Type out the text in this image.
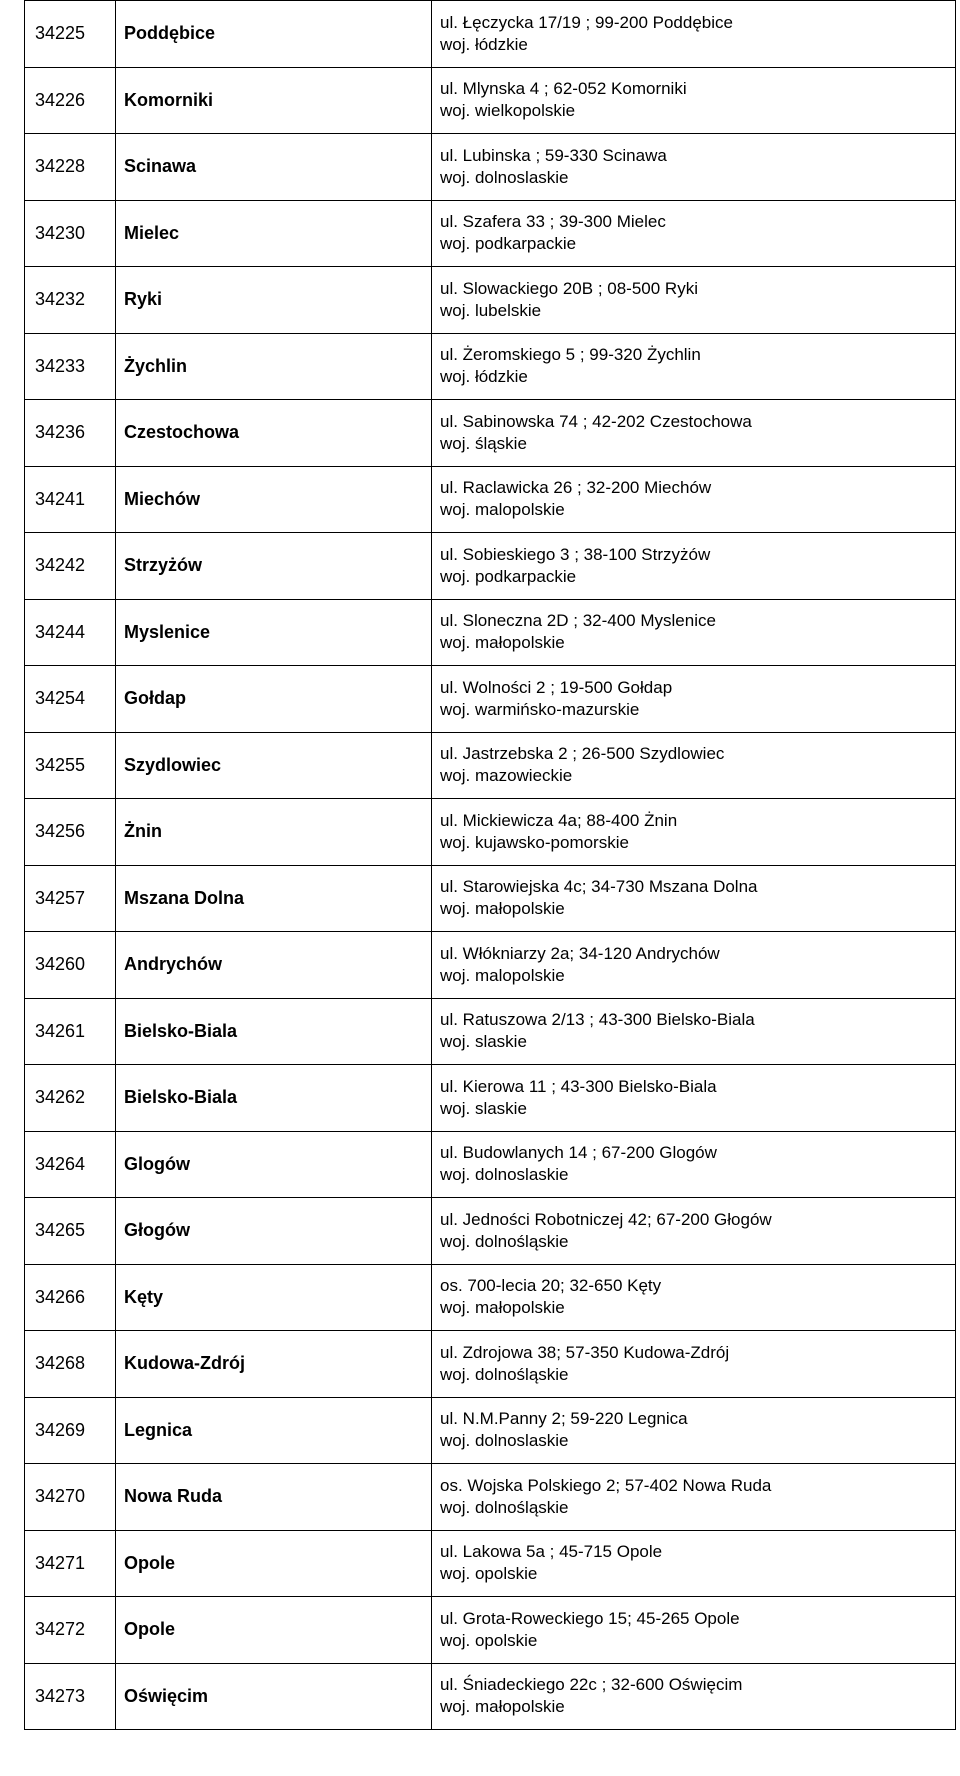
34225	Poddębice	ul. Łęczycka 17/19 ; 99-200 Poddębice
woj. łódzkie

34226	Komorniki	ul. Mlynska 4 ; 62-052 Komorniki
woj. wielkopolskie

34228	Scinawa	ul. Lubinska ; 59-330 Scinawa
woj. dolnoslaskie

34230	Mielec	ul. Szafera 33 ; 39-300 Mielec
woj. podkarpackie

34232	Ryki	ul. Slowackiego 20B ; 08-500 Ryki
woj. lubelskie

34233	Żychlin	ul. Żeromskiego 5 ; 99-320 Żychlin
woj. łódzkie

34236	Czestochowa	ul. Sabinowska 74 ; 42-202 Czestochowa
woj. śląskie

34241	Miechów	ul. Raclawicka 26 ; 32-200 Miechów
woj. malopolskie

34242	Strzyżów	ul. Sobieskiego 3 ; 38-100 Strzyżów
woj. podkarpackie

34244	Myslenice	ul. Sloneczna 2D ; 32-400 Myslenice
woj. małopolskie

34254	Gołdap	ul. Wolności 2 ; 19-500 Gołdap
woj. warmińsko-mazurskie

34255	Szydlowiec	ul. Jastrzebska 2 ; 26-500 Szydlowiec
woj. mazowieckie

34256	Żnin	ul. Mickiewicza 4a; 88-400 Żnin
woj. kujawsko-pomorskie

34257	Mszana Dolna	ul. Starowiejska 4c; 34-730 Mszana Dolna
woj. małopolskie

34260	Andrychów	ul. Włókniarzy 2a; 34-120 Andrychów
woj. malopolskie

34261	Bielsko-Biala	ul. Ratuszowa 2/13 ; 43-300 Bielsko-Biala
woj. slaskie

34262	Bielsko-Biala	ul. Kierowa 11 ; 43-300 Bielsko-Biala
woj. slaskie

34264	Glogów	ul. Budowlanych 14 ; 67-200 Glogów
woj. dolnoslaskie

34265	Głogów	ul. Jedności Robotniczej 42; 67-200 Głogów
woj. dolnośląskie

34266	Kęty	os. 700-lecia 20; 32-650 Kęty
woj. małopolskie

34268	Kudowa-Zdrój	ul. Zdrojowa 38; 57-350 Kudowa-Zdrój
woj. dolnośląskie

34269	Legnica	ul. N.M.Panny 2; 59-220 Legnica
woj. dolnoslaskie

34270	Nowa Ruda	os. Wojska Polskiego 2; 57-402 Nowa Ruda
woj. dolnośląskie

34271	Opole	ul. Lakowa 5a ; 45-715 Opole
woj. opolskie

34272	Opole	ul. Grota-Roweckiego 15; 45-265 Opole
woj. opolskie

34273	Oświęcim	ul. Śniadeckiego 22c ; 32-600 Oświęcim
woj. małopolskie
